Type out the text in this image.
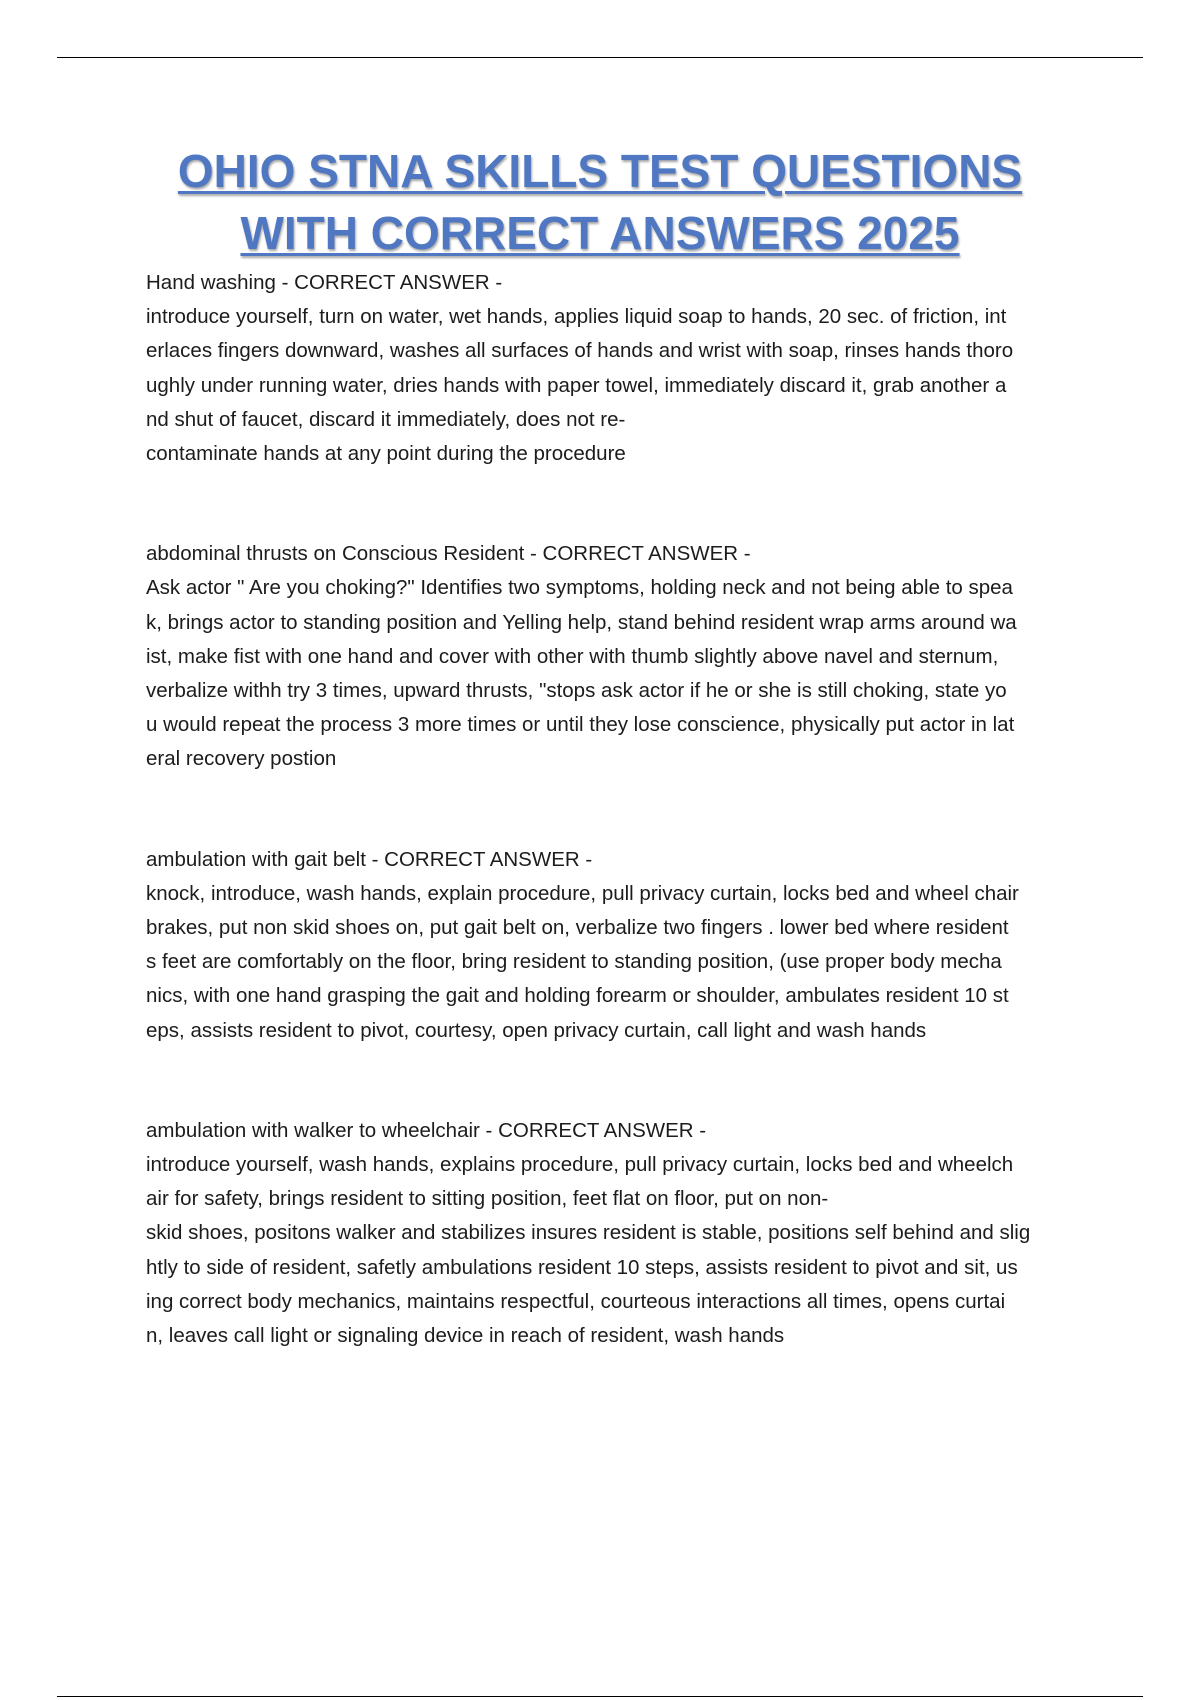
OHIO STNA SKILLS TEST QUESTIONS
WITH CORRECT ANSWERS 2025

Hand washing - CORRECT ANSWER -

introduce yourself, turn on water, wet hands, applies liquid soap to hands, 20 sec. of friction, int

erlaces fingers downward, washes all surfaces of hands and wrist with soap, rinses hands thoro

ughly under running water, dries hands with paper towel, immediately discard it, grab another a

nd shut of faucet, discard it immediately, does not re-

contaminate hands at any point during the procedure

abdominal thrusts on Conscious Resident - CORRECT ANSWER -

Ask actor " Are you choking?" Identifies two symptoms, holding neck and not being able to spea

k, brings actor to standing position and Yelling help, stand behind resident wrap arms around wa

ist, make fist with one hand and cover with other with thumb slightly above navel and sternum,

verbalize withh try 3 times, upward thrusts, "stops ask actor if he or she is still choking, state yo

u would repeat the process 3 more times or until they lose conscience, physically put actor in lat

eral recovery postion

ambulation with gait belt - CORRECT ANSWER -

knock, introduce, wash hands, explain procedure, pull privacy curtain, locks bed and wheel chair

brakes, put non skid shoes on, put gait belt on, verbalize two fingers . lower bed where resident

s feet are comfortably on the floor, bring resident to standing position, (use proper body mecha

nics, with one hand grasping the gait and holding forearm or shoulder, ambulates resident 10 st

eps, assists resident to pivot, courtesy, open privacy curtain, call light and wash hands

ambulation with walker to wheelchair - CORRECT ANSWER -

introduce yourself, wash hands, explains procedure, pull privacy curtain, locks bed and wheelch

air for safety, brings resident to sitting position, feet flat on floor, put on non-

skid shoes, positons walker and stabilizes insures resident is stable, positions self behind and slig

htly to side of resident, safetly ambulations resident 10 steps, assists resident to pivot and sit, us

ing correct body mechanics, maintains respectful, courteous interactions all times, opens curtai

n, leaves call light or signaling device in reach of resident, wash hands
